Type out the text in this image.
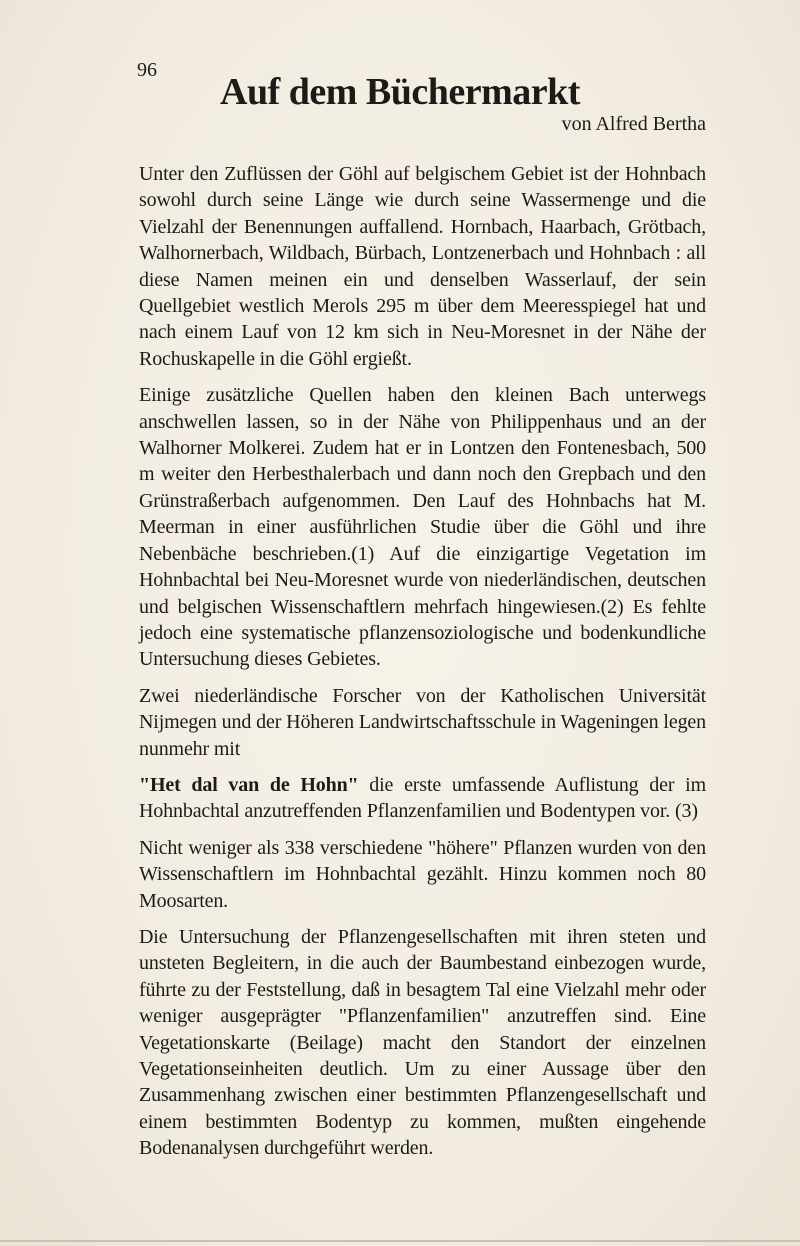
96
Auf dem Büchermarkt
von Alfred Bertha

Unter den Zuflüssen der Göhl auf belgischem Gebiet ist der Hohnbach sowohl durch seine Länge wie durch seine Wassermenge und die Vielzahl der Benennungen auffallend. Hornbach, Haarbach, Grötbach, Walhornerbach, Wildbach, Bürbach, Lontzenerbach und Hohnbach : all diese Namen meinen ein und denselben Wasserlauf, der sein Quellgebiet westlich Merols 295 m über dem Meeresspiegel hat und nach einem Lauf von 12 km sich in Neu-Moresnet in der Nähe der Rochuskapelle in die Göhl ergießt.

Einige zusätzliche Quellen haben den kleinen Bach unterwegs anschwellen lassen, so in der Nähe von Philippenhaus und an der Walhorner Molkerei. Zudem hat er in Lontzen den Fontenesbach, 500 m weiter den Herbesthalerbach und dann noch den Grepbach und den Grünstraßerbach aufgenommen. Den Lauf des Hohnbachs hat M. Meerman in einer ausführlichen Studie über die Göhl und ihre Nebenbäche beschrieben.(1) Auf die einzigartige Vegetation im Hohnbachtal bei Neu-Moresnet wurde von niederländischen, deutschen und belgischen Wissenschaftlern mehrfach hingewiesen.(2) Es fehlte jedoch eine systematische pflanzensoziologische und bodenkundliche Untersuchung dieses Gebietes.

Zwei niederländische Forscher von der Katholischen Universität Nijmegen und der Höheren Landwirtschaftsschule in Wageningen legen nunmehr mit

"Het dal van de Hohn" die erste umfassende Auflistung der im Hohnbachtal anzutreffenden Pflanzenfamilien und Bodentypen vor. (3)

Nicht weniger als 338 verschiedene "höhere" Pflanzen wurden von den Wissenschaftlern im Hohnbachtal gezählt. Hinzu kommen noch 80 Moosarten.

Die Untersuchung der Pflanzengesellschaften mit ihren steten und unsteten Begleitern, in die auch der Baumbestand einbezogen wurde, führte zu der Feststellung, daß in besagtem Tal eine Vielzahl mehr oder weniger ausgeprägter "Pflanzenfamilien" anzutreffen sind. Eine Vegetationskarte (Beilage) macht den Standort der einzelnen Vegetationseinheiten deutlich. Um zu einer Aussage über den Zusammenhang zwischen einer bestimmten Pflanzengesellschaft und einem bestimmten Bodentyp zu kommen, mußten eingehende Bodenanalysen durchgeführt werden.
